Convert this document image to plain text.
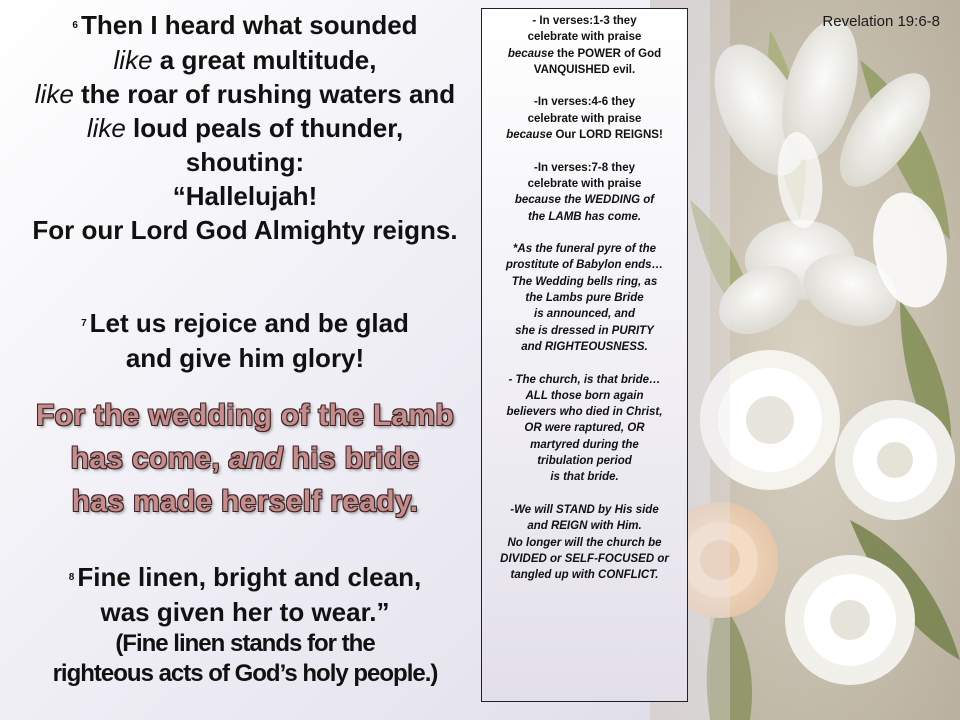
Revelation 19:6-8
$^6$ Then I heard what sounded
like a great multitude,
like the roar of rushing waters and
like loud peals of thunder,
shouting:
“Hallelujah!
For our Lord God Almighty reigns.
$^7$ Let us rejoice and be glad
and give him glory!
For the wedding of the Lamb
has come, and his bride
has made herself ready.
$^8$ Fine linen, bright and clean,
was given her to wear.”
(Fine linen stands for the
righteous acts of God’s holy people.)
- In verses:1-3 they
celebrate with praise
because the POWER of God
VANQUISHED evil.
-In verses:4-6 they
celebrate with praise
because Our LORD REIGNS!
-In verses:7-8 they
celebrate with praise
because the WEDDING of
the LAMB has come.
*As the funeral pyre of the
prostitute of Babylon ends…
The Wedding bells ring, as
the Lambs pure Bride
is announced, and
she is dressed in PURITY
and RIGHTEOUSNESS.
- The church, is that bride…
ALL those born again
believers who died in Christ,
OR were raptured, OR
martyred during the
tribulation period
is that bride.
-We will STAND by His side
and REIGN with Him.
No longer will the church be
DIVIDED or SELF-FOCUSED or
tangled up with CONFLICT.
